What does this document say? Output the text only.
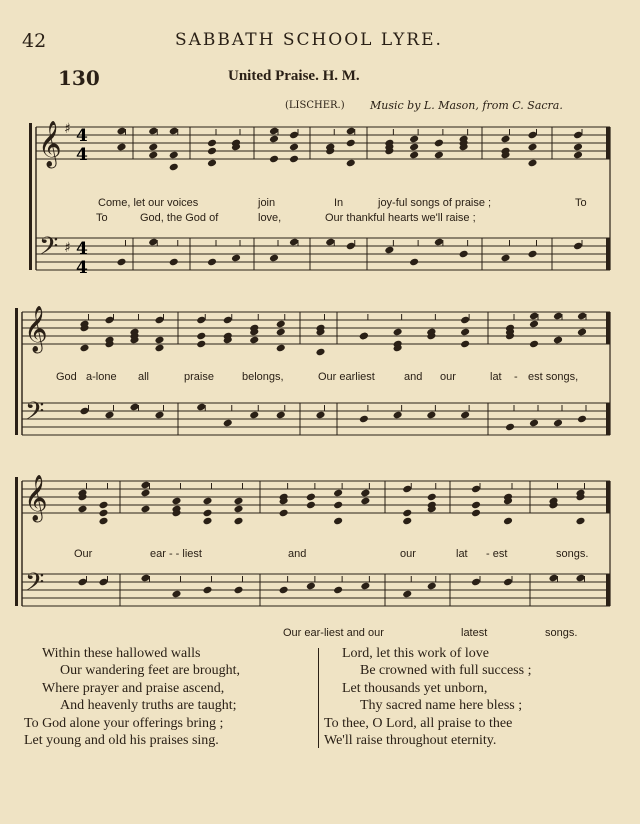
42	SABBATH SCHOOL LYRE.
130	United Praise. H. M.
(LISCHER.) Music by L. Mason, from C. Sacra.
𝄞
𝄢
♯
♯
𝄞
𝄢
𝄞
𝄢
4
4
4
4
Come, let our voices	join	In	joy-ful songs of praise ;	To
To	God, the God of	love,	Our thankful hearts we'll raise ;
God a-lone all	praise	belongs,	Our earliest	and our	lat - est songs,
Our	ear - - liest	and	our	lat - est	songs.
Our ear-liest and our	latest	songs.
Within these hallowed walls
Our wandering feet are brought,
Where prayer and praise ascend,
And heavenly truths are taught;
To God alone your offerings bring ;
Let young and old his praises sing.
Lord, let this work of love
Be crowned with full success ;
Let thousands yet unborn,
Thy sacred name here bless ;
To thee, O Lord, all praise to thee
We'll raise throughout eternity.
